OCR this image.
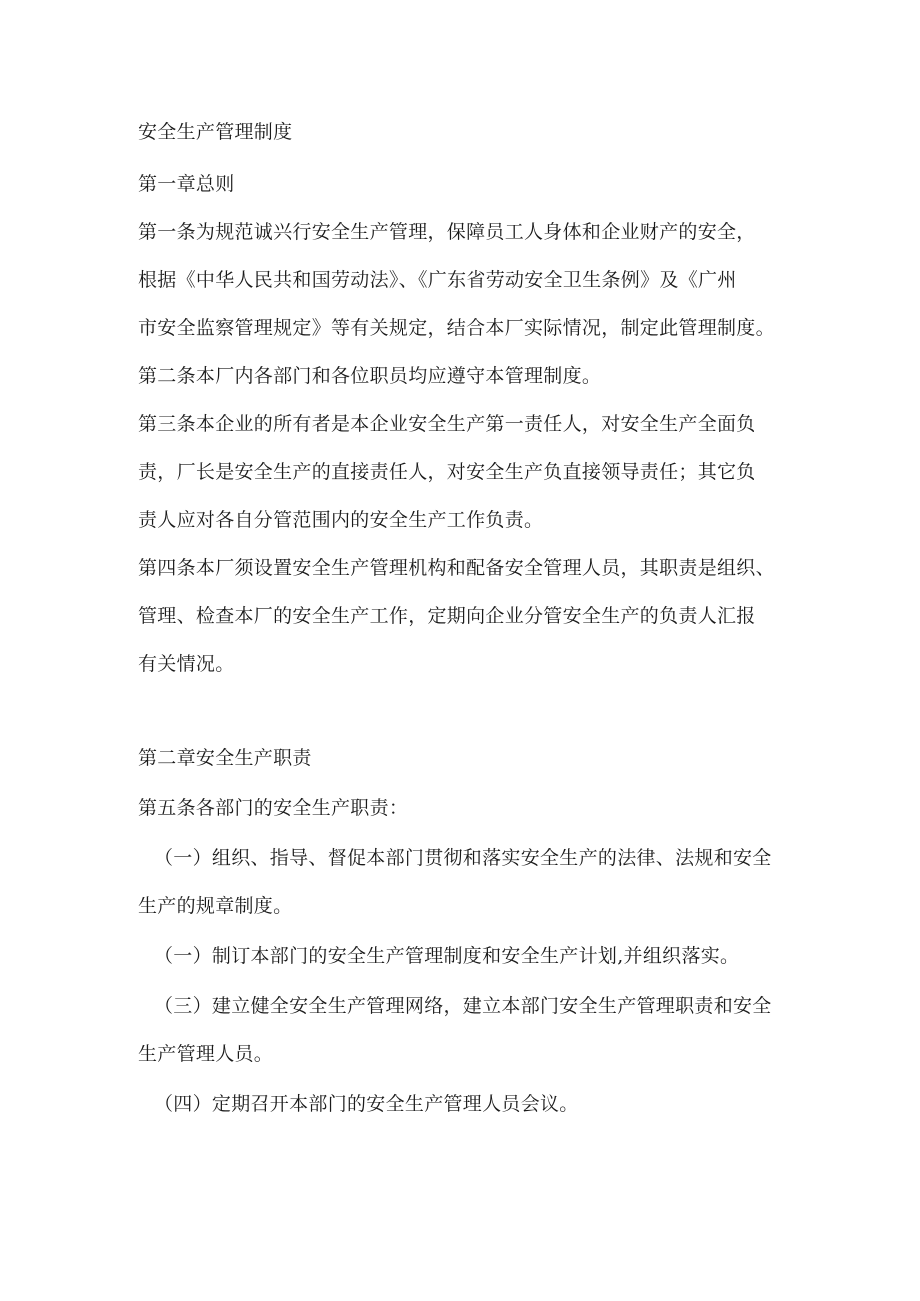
安全生产管理制度
第一章总则
第一条为规范诚兴行安全生产管理，保障员工人身体和企业财产的安全，
根据《中华人民共和国劳动法》、《广东省劳动安全卫生条例》及《广州
市安全监察管理规定》等有关规定，结合本厂实际情况，制定此管理制度。
第二条本厂内各部门和各位职员均应遵守本管理制度。
第三条本企业的所有者是本企业安全生产第一责任人，对安全生产全面负
责，厂长是安全生产的直接责任人，对安全生产负直接领导责任；其它负
责人应对各自分管范围内的安全生产工作负责。
第四条本厂须设置安全生产管理机构和配备安全管理人员，其职责是组织、
管理、检查本厂的安全生产工作，定期向企业分管安全生产的负责人汇报
有关情况。
第二章安全生产职责
第五条各部门的安全生产职责：
（一）组织、指导、督促本部门贯彻和落实安全生产的法律、法规和安全
生产的规章制度。
（一）制订本部门的安全生产管理制度和安全生产计划,并组织落实。
（三）建立健全安全生产管理网络，建立本部门安全生产管理职责和安全
生产管理人员。
（四）定期召开本部门的安全生产管理人员会议。
